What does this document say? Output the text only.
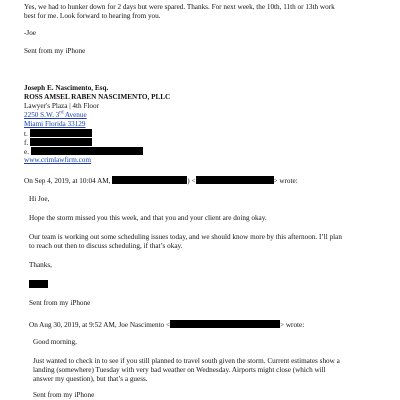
Yes, we had to hunker down for 2 days but were spared. Thanks. For next week, the 10th, 11th or 13th work
best for me. Look forward to hearing from you.
-Joe
Sent from my iPhone
Joseph E. Nascimento, Esq.
ROSS AMSEL RABEN NASCIMENTO, PLLC
Lawyer's Plaza | 4th Floor
2250 S.W. 3rd Avenue
Miami Florida 33129
t.
f.
e.
www.crimlawfirm.com
On Sep 4, 2019, at 10:04 AM,	) <	> wrote:
Hi Joe,
Hope the storm missed you this week, and that you and your client are doing okay.
Our team is working out some scheduling issues today, and we should know more by this afternoon. I’ll plan
to reach out then to discuss scheduling, if that’s okay.
Thanks,
Sent from my iPhone
On Aug 30, 2019, at 9:52 AM, Joe Nascimento <	> wrote:
Good morning,
Just wanted to check in to see if you still planned to travel south given the storm. Current estimates show a
landing (somewhere) Tuesday with very bad weather on Wednesday. Airports might close (which will
answer my question), but that’s a guess.
Sent from my iPhone
